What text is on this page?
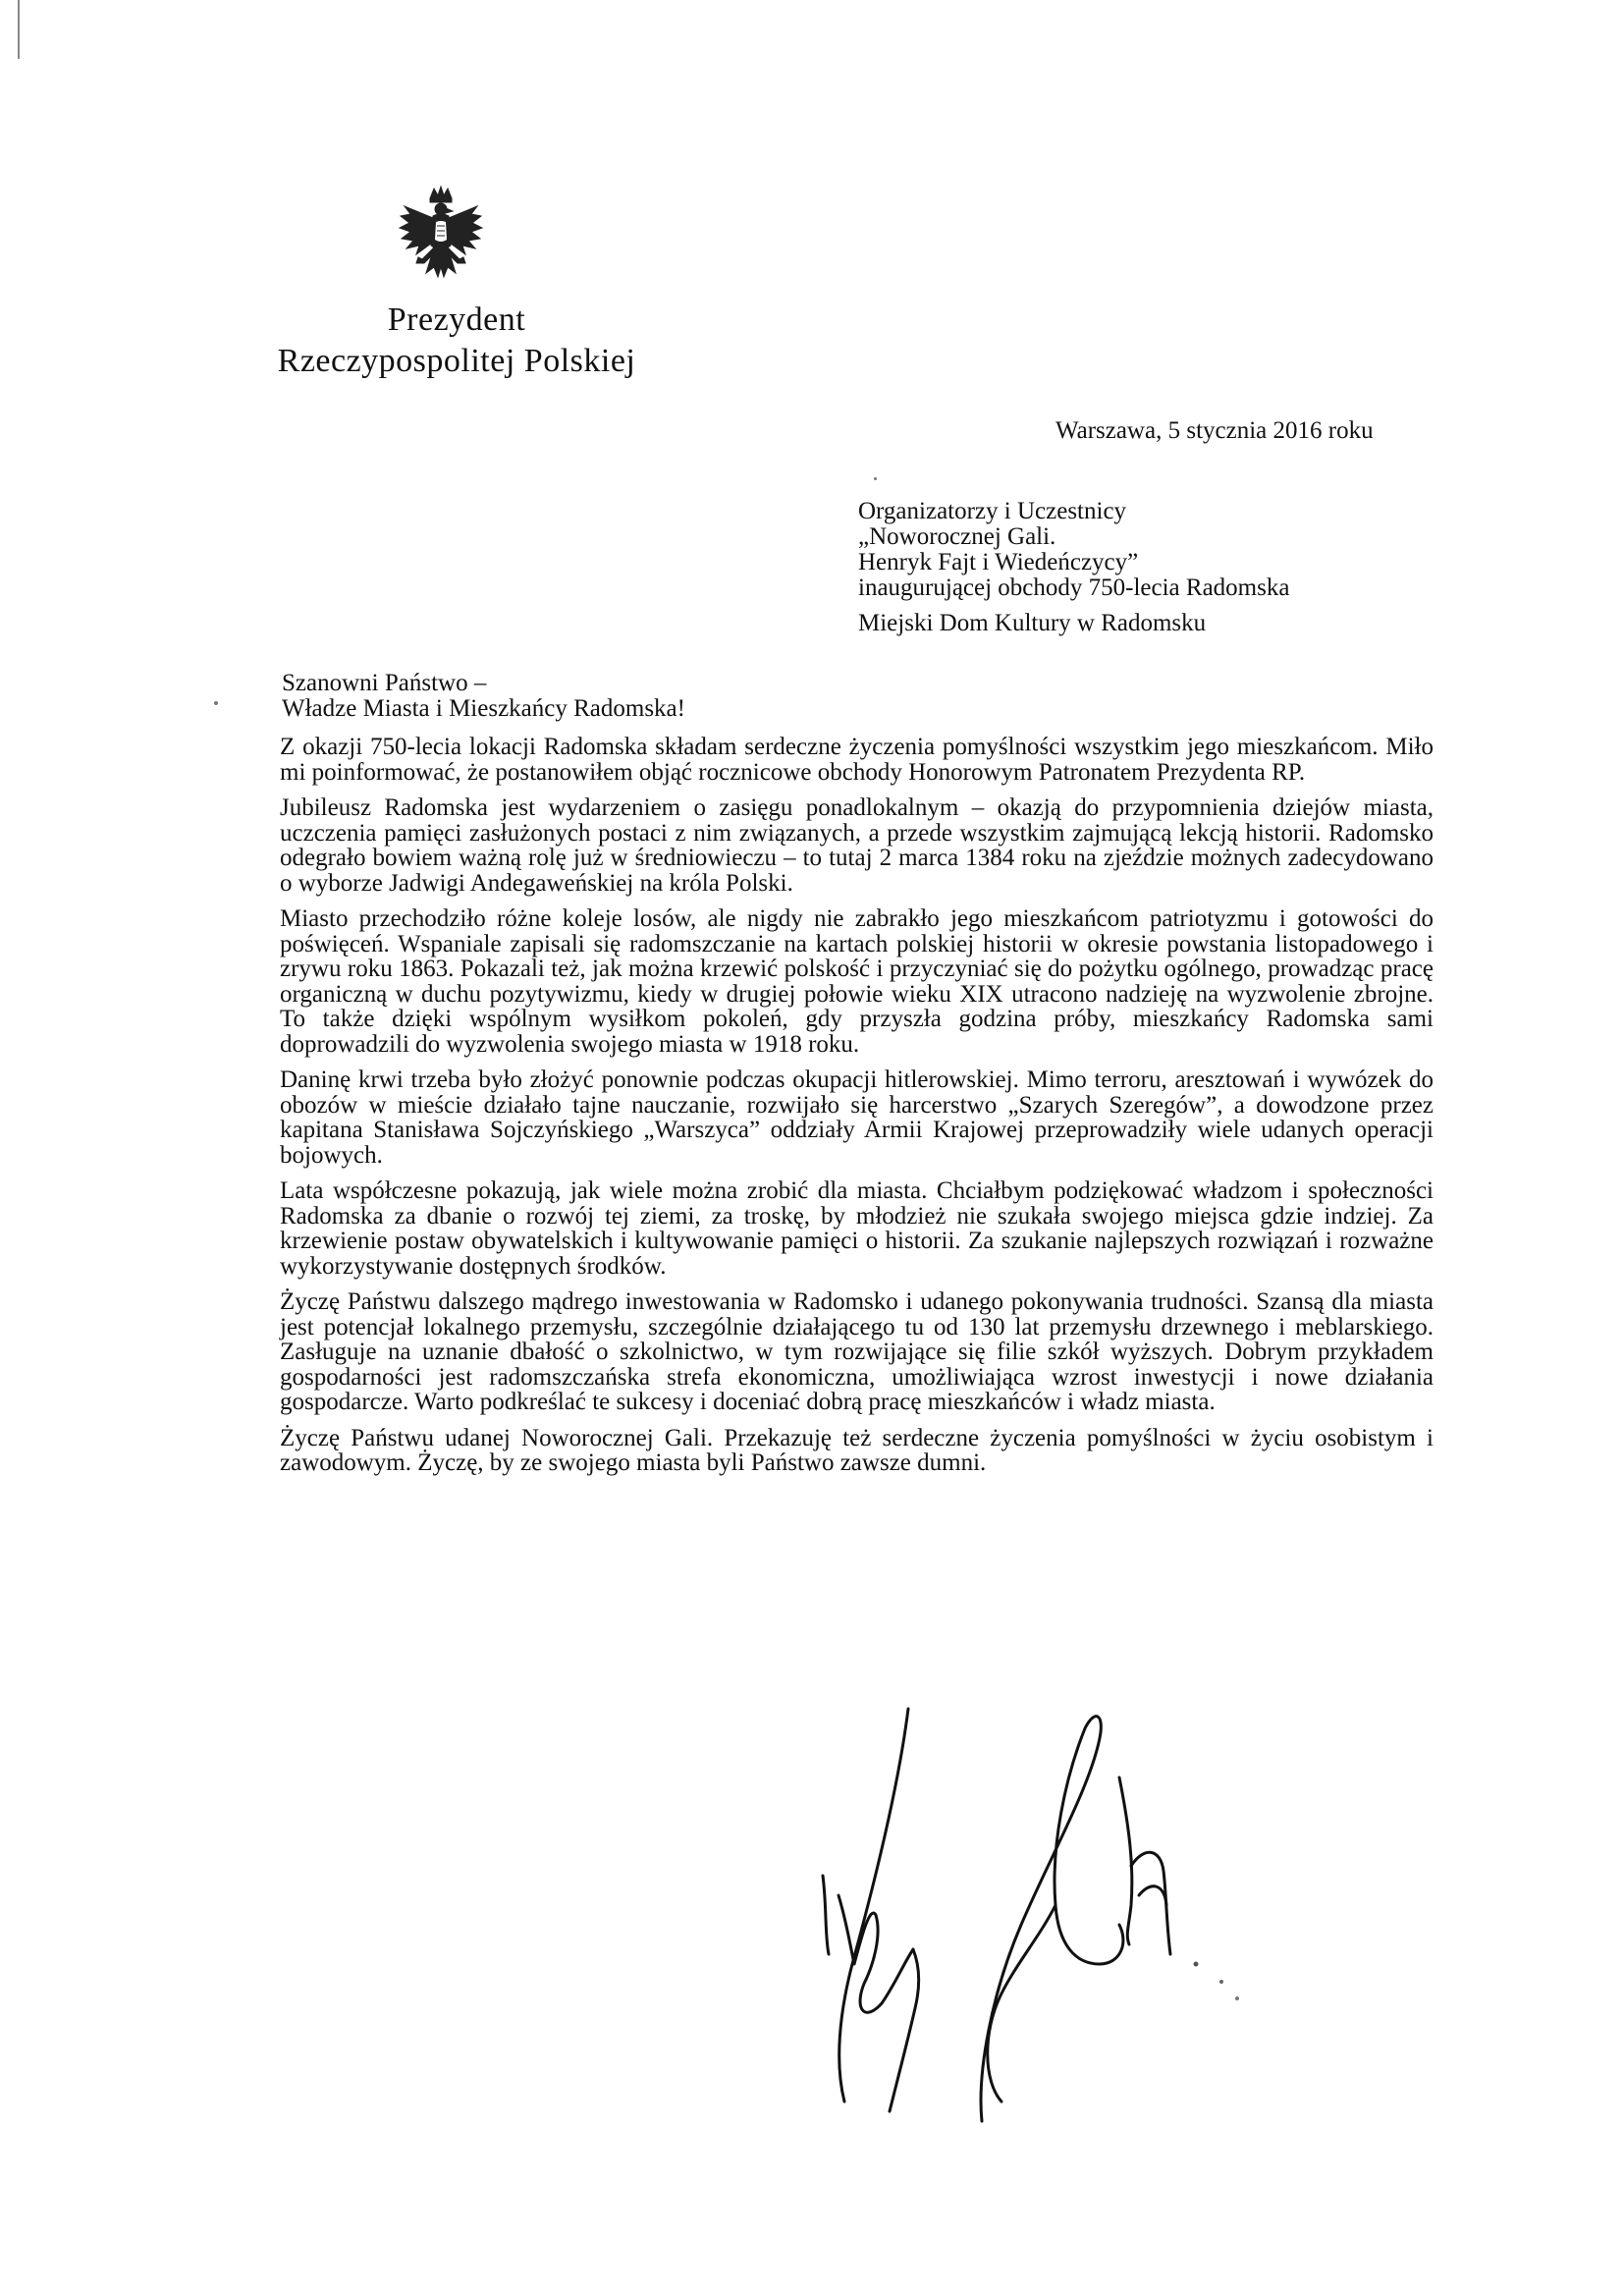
Prezydent
Rzeczypospolitej Polskiej
Warszawa, 5 stycznia 2016 roku
Organizatorzy i Uczestnicy
„Noworocznej Gali.
Henryk Fajt i Wiedeńczycy”
inaugurującej obchody 750-lecia Radomska
Miejski Dom Kultury w Radomsku
Szanowni Państwo –
Władze Miasta i Mieszkańcy Radomska!

Z okazji 750-lecia lokacji Radomska składam serdeczne życzenia pomyślności wszystkim jego mieszkańcom. Miło mi poinformować, że postanowiłem objąć rocznicowe obchody Honorowym Patronatem Prezydenta RP.

Jubileusz Radomska jest wydarzeniem o zasięgu ponadlokalnym – okazją do przypomnienia dziejów miasta, uczczenia pamięci zasłużonych postaci z nim związanych, a przede wszystkim zajmującą lekcją historii. Radomsko odegrało bowiem ważną rolę już w średniowieczu – to tutaj 2 marca 1384 roku na zjeździe możnych zadecydowano o wyborze Jadwigi Andegaweńskiej na króla Polski.

Miasto przechodziło różne koleje losów, ale nigdy nie zabrakło jego mieszkańcom patriotyzmu i gotowości do poświęceń. Wspaniale zapisali się radomszczanie na kartach polskiej historii w okresie powstania listopadowego i zrywu roku 1863. Pokazali też, jak można krzewić polskość i przyczyniać się do pożytku ogólnego, prowadząc pracę organiczną w duchu pozytywizmu, kiedy w drugiej połowie wieku XIX utracono nadzieję na wyzwolenie zbrojne. To także dzięki wspólnym wysiłkom pokoleń, gdy przyszła godzina próby, mieszkańcy Radomska sami doprowadzili do wyzwolenia swojego miasta w 1918 roku.

Daninę krwi trzeba było złożyć ponownie podczas okupacji hitlerowskiej. Mimo terroru, aresztowań i wywózek do obozów w mieście działało tajne nauczanie, rozwijało się harcerstwo „Szarych Szeregów”, a dowodzone przez kapitana Stanisława Sojczyńskiego „Warszyca” oddziały Armii Krajowej przeprowadziły wiele udanych operacji bojowych.

Lata współczesne pokazują, jak wiele można zrobić dla miasta. Chciałbym podziękować władzom i społeczności Radomska za dbanie o rozwój tej ziemi, za troskę, by młodzież nie szukała swojego miejsca gdzie indziej. Za krzewienie postaw obywatelskich i kultywowanie pamięci o historii. Za szukanie najlepszych rozwiązań i rozważne wykorzystywanie dostępnych środków.

Życzę Państwu dalszego mądrego inwestowania w Radomsko i udanego pokonywania trudności. Szansą dla miasta jest potencjał lokalnego przemysłu, szczególnie działającego tu od 130 lat przemysłu drzewnego i meblarskiego. Zasługuje na uznanie dbałość o szkolnictwo, w tym rozwijające się filie szkół wyższych. Dobrym przykładem gospodarności jest radomszczańska strefa ekonomiczna, umożliwiająca wzrost inwestycji i nowe działania gospodarcze. Warto podkreślać te sukcesy i doceniać dobrą pracę mieszkańców i władz miasta.

Życzę Państwu udanej Noworocznej Gali. Przekazuję też serdeczne życzenia pomyślności w życiu osobistym i zawodowym. Życzę, by ze swojego miasta byli Państwo zawsze dumni.
